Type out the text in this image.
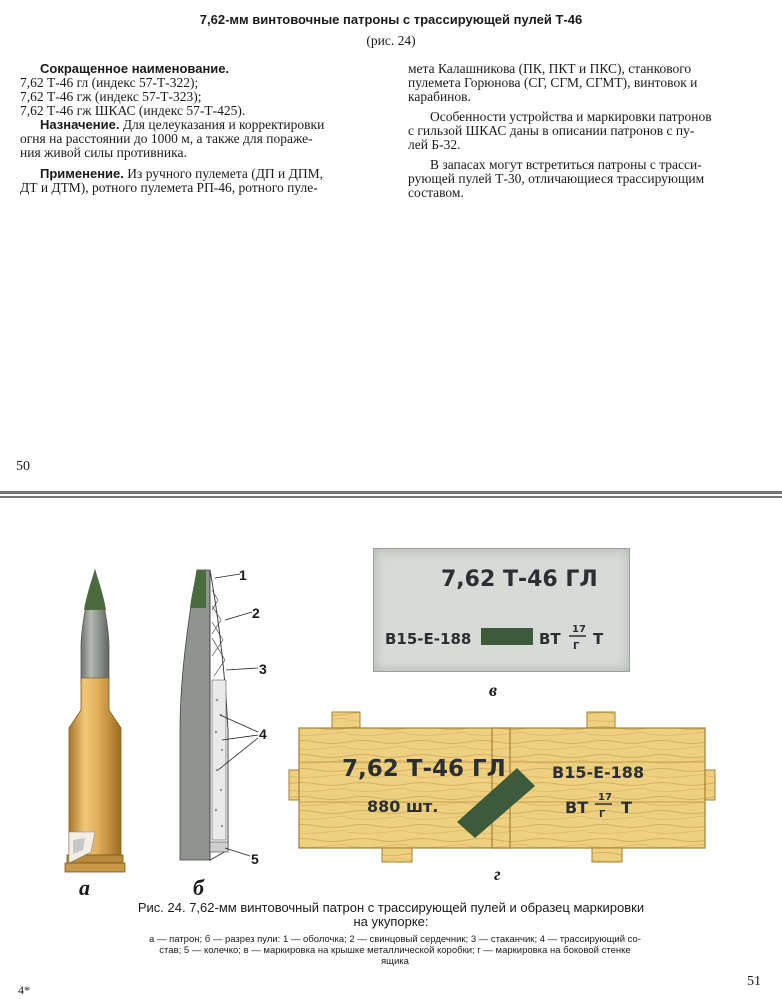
7,62-мм винтовочные патроны с трассирующей пулей Т-46
(рис. 24)
Сокращенное наименование.
7,62 Т-46 гл (индекс 57-Т-322);
7,62 Т-46 гж (индекс 57-Т-323);
7,62 Т-46 гж ШКАС (индекс 57-Т-425).
Назначение. Для целеуказания и корректировки
огня на расстоянии до 1000 м, а также для пораже-
ния живой силы противника.
Применение. Из ручного пулемета (ДП и ДПМ,
ДТ и ДТМ), ротного пулемета РП-46, ротного пуле-
мета Калашникова (ПК, ПКТ и ПКС), станкового
пулемета Горюнова (СГ, СГМ, СГМТ), винтовок и
карабинов.
Особенности устройства и маркировки патронов
с гильзой ШКАС даны в описании патронов с пу-
лей Б-32.
В запасах могут встретиться патроны с трасси-
рующей пулей Т-30, отличающиеся трассирующим
составом.
50
а
1
2
3
4
5
б
7,62 Т-46 ГЛ
В15-Е-188	ВТ
17
Г Т
в
7,62 Т-46 ГЛ
880 шт.
В15-Е-188
ВТ
17
Г Т
г
Рис. 24. 7,62-мм винтовочный патрон с трассирующей пулей и образец маркировки
на укупорке:
а — патрон; б — разрез пули: 1 — оболочка; 2 — свинцовый сердечник; 3 — стаканчик; 4 — трассирующий со-
став; 5 — колечко; в — маркировка на крышке металлической коробки; г — маркировка на боковой стенке
ящика
4*
51
